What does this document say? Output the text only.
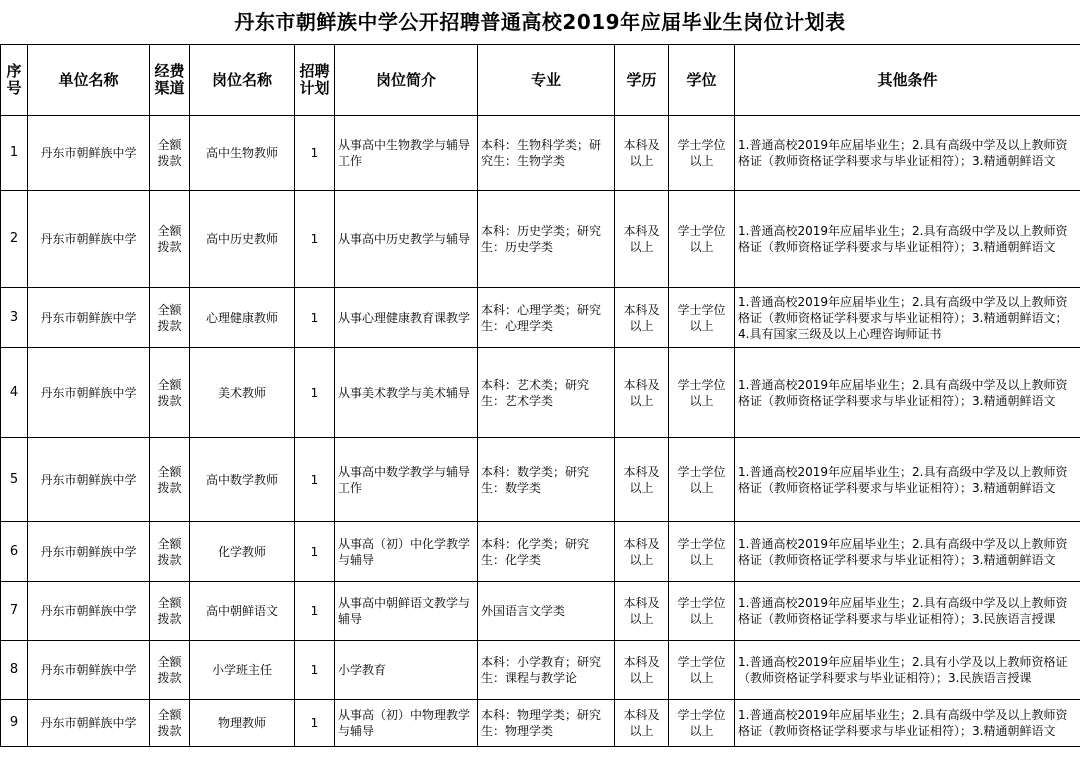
丹东市朝鲜族中学公开招聘普通高校2019年应届毕业生岗位计划表
序号	单位名称	经费渠道	岗位名称	招聘计划	岗位简介	专业	学历	学位	其他条件
1	丹东市朝鲜族中学	全额拨款	高中生物教师	1	从事高中生物教学与辅导工作	本科：生物科学类；研究生：生物学类	本科及以上	学士学位以上	1.普通高校2019年应届毕业生；2.具有高级中学及以上教师资格证（教师资格证学科要求与毕业证相符）；3.精通朝鲜语文
2	丹东市朝鲜族中学	全额拨款	高中历史教师	1	从事高中历史教学与辅导	本科：历史学类；研究生：历史学类	本科及以上	学士学位以上	1.普通高校2019年应届毕业生；2.具有高级中学及以上教师资格证（教师资格证学科要求与毕业证相符）；3.精通朝鲜语文
3	丹东市朝鲜族中学	全额拨款	心理健康教师	1	从事心理健康教育课教学	本科：心理学类；研究生：心理学类	本科及以上	学士学位以上	1.普通高校2019年应届毕业生；2.具有高级中学及以上教师资格证（教师资格证学科要求与毕业证相符）；3.精通朝鲜语文；4.具有国家三级及以上心理咨询师证书
4	丹东市朝鲜族中学	全额拨款	美术教师	1	从事美术教学与美术辅导	本科：艺术类；研究生：艺术学类	本科及以上	学士学位以上	1.普通高校2019年应届毕业生；2.具有高级中学及以上教师资格证（教师资格证学科要求与毕业证相符）；3.精通朝鲜语文
5	丹东市朝鲜族中学	全额拨款	高中数学教师	1	从事高中数学教学与辅导工作	本科：数学类；研究生：数学类	本科及以上	学士学位以上	1.普通高校2019年应届毕业生；2.具有高级中学及以上教师资格证（教师资格证学科要求与毕业证相符）；3.精通朝鲜语文
6	丹东市朝鲜族中学	全额拨款	化学教师	1	从事高（初）中化学教学与辅导	本科：化学类；研究生：化学类	本科及以上	学士学位以上	1.普通高校2019年应届毕业生；2.具有高级中学及以上教师资格证（教师资格证学科要求与毕业证相符）；3.精通朝鲜语文
7	丹东市朝鲜族中学	全额拨款	高中朝鲜语文	1	从事高中朝鲜语文教学与辅导	外国语言文学类	本科及以上	学士学位以上	1.普通高校2019年应届毕业生；2.具有高级中学及以上教师资格证（教师资格证学科要求与毕业证相符）；3.民族语言授课
8	丹东市朝鲜族中学	全额拨款	小学班主任	1	小学教育	本科：小学教育；研究生：课程与教学论	本科及以上	学士学位以上	1.普通高校2019年应届毕业生；2.具有小学及以上教师资格证（教师资格证学科要求与毕业证相符）；3.民族语言授课
9	丹东市朝鲜族中学	全额拨款	物理教师	1	从事高（初）中物理教学与辅导	本科：物理学类；研究生：物理学类	本科及以上	学士学位以上	1.普通高校2019年应届毕业生；2.具有高级中学及以上教师资格证（教师资格证学科要求与毕业证相符）；3.精通朝鲜语文
